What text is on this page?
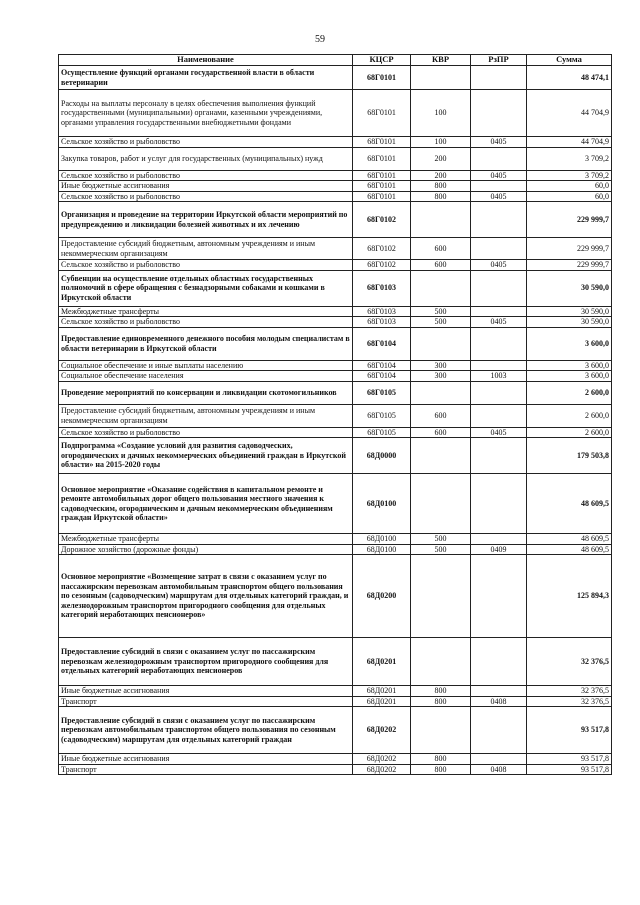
59
Наименование	КЦСР	КВР	РзПР	Сумма
Осуществление функций органами государственной власти в области ветеринарии	68Г0101			48 474,1
Расходы на выплаты персоналу в целях обеспечения выполнения функций государственными (муниципальными) органами, казенными учреждениями, органами управления государственными внебюджетными фондами	68Г0101	100		44 704,9
Сельское хозяйство и рыболовство	68Г0101	100	0405	44 704,9
Закупка товаров, работ и услуг для государственных (муниципальных) нужд	68Г0101	200		3 709,2
Сельское хозяйство и рыболовство	68Г0101	200	0405	3 709,2
Иные бюджетные ассигнования	68Г0101	800		60,0
Сельское хозяйство и рыболовство	68Г0101	800	0405	60,0
Организация и проведение на территории Иркутской области мероприятий по предупреждению и ликвидации болезней животных и их лечению	68Г0102			229 999,7
Предоставление субсидий бюджетным, автономным учреждениям и иным некоммерческим организациям	68Г0102	600		229 999,7
Сельское хозяйство и рыболовство	68Г0102	600	0405	229 999,7
Субвенции на осуществление отдельных областных государственных полномочий в сфере обращения с безнадзорными собаками и кошками в Иркутской области	68Г0103			30 590,0
Межбюджетные трансферты	68Г0103	500		30 590,0
Сельское хозяйство и рыболовство	68Г0103	500	0405	30 590,0
Предоставление единовременного денежного пособия молодым специалистам в области ветеринарии в Иркутской области	68Г0104			3 600,0
Социальное обеспечение и иные выплаты населению	68Г0104	300		3 600,0
Социальное обеспечение населения	68Г0104	300	1003	3 600,0
Проведение мероприятий по консервации и ликвидации скотомогильников	68Г0105			2 600,0
Предоставление субсидий бюджетным, автономным учреждениям и иным некоммерческим организациям	68Г0105	600		2 600,0
Сельское хозяйство и рыболовство	68Г0105	600	0405	2 600,0
Подпрограмма «Создание условий для развития садоводческих, огороднических и дачных некоммерческих объединений граждан в Иркутской области» на 2015-2020 годы	68Д0000			179 503,8
Основное мероприятие «Оказание содействия в капитальном ремонте и ремонте автомобильных дорог общего пользования местного значения к садоводческим, огородническим и дачным некоммерческим объединениям граждан Иркутской области»	68Д0100			48 609,5
Межбюджетные трансферты	68Д0100	500		48 609,5
Дорожное хозяйство (дорожные фонды)	68Д0100	500	0409	48 609,5
Основное мероприятие «Возмещение затрат в связи с оказанием услуг по пассажирским перевозкам автомобильным транспортом общего пользования по сезонным (садоводческим) маршрутам для отдельных категорий граждан, и железнодорожным транспортом пригородного сообщения для отдельных категорий неработающих пенсионеров»	68Д0200			125 894,3
Предоставление субсидий в связи с оказанием услуг по пассажирским перевозкам железнодорожным транспортом пригородного сообщения для отдельных категорий неработающих пенсионеров	68Д0201			32 376,5
Иные бюджетные ассигнования	68Д0201	800		32 376,5
Транспорт	68Д0201	800	0408	32 376,5
Предоставление субсидий в связи с оказанием услуг по пассажирским перевозкам автомобильным транспортом общего пользования по сезонным (садоводческим) маршрутам для отдельных категорий граждан	68Д0202			93 517,8
Иные бюджетные ассигнования	68Д0202	800		93 517,8
Транспорт	68Д0202	800	0408	93 517,8
